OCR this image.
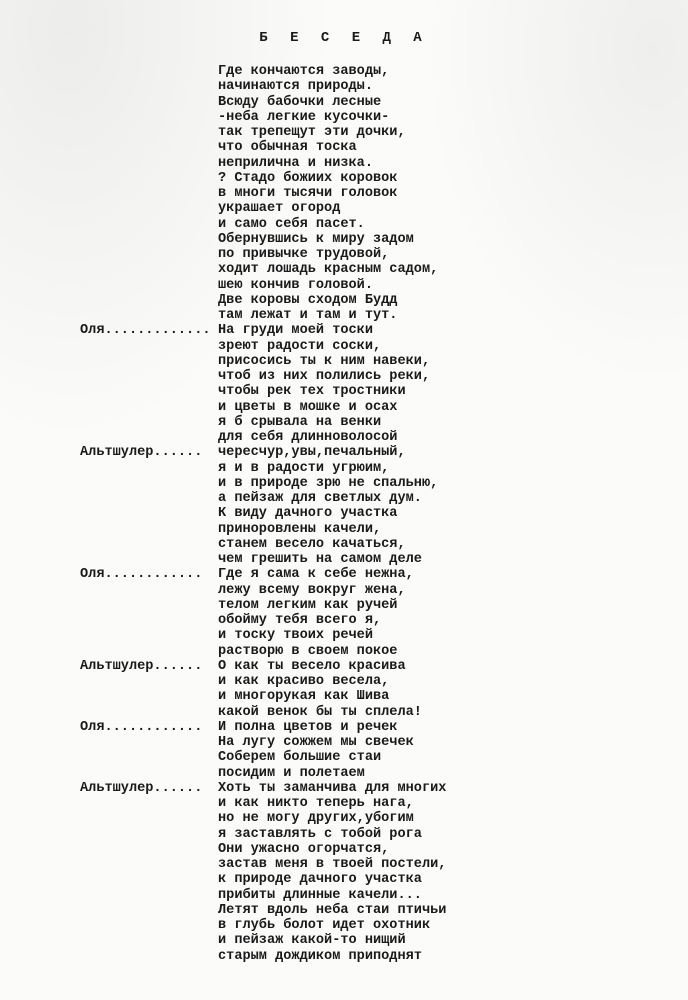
Б Е С Е Д А
Где кончаются заводы,
начинаются природы.
Всюду бабочки лесные
-неба легкие кусочки-
так трепещут эти дочки,
что обычная тоска
неприлична и низка.
? Стадо божиих коровок
в многи тысячи головок
украшает огород
и само себя пасет.
Обернувшись к миру задом
по привычке трудовой,
ходит лошадь красным садом,
шею кончив головой.
Две коровы сходом Будд
там лежат и там и тут.
На груди моей тоски
зреют радости соски,
присосись ты к ним навеки,
чтоб из них полились реки,
чтобы рек тех тростники
и цветы в мошке и осах
я б срывала на венки
для себя длинноволосой
чересчур,увы,печальный,
я и в радости угрюим,
и в природе зрю не спальню,
а пейзаж для светлых дум.
К виду дачного участка
приноровлены качели,
станем весело качаться,
чем грешить на самом деле
Где я сама к себе нежна,
лежу всему вокруг жена,
телом легким как ручей
обойму тебя всего я,
и тоску твоих речей
растворю в своем покое
О как ты весело красива
и как красиво весела,
и многорукая как Шива
какой венок бы ты сплела!
И полна цветов и речек
На лугу сожжем мы свечек
Соберем большие стаи
посидим и полетаем
Хоть ты заманчива для многих
и как никто теперь нага,
но не могу других,убогим
я заставлять с тобой рога
Они ужасно огорчатся,
застав меня в твоей постели,
к природе дачного участка
прибиты длинные качели...
Летят вдоль неба стаи птичьи
в глубь болот идет охотник
и пейзаж какой-то нищий
старым дождиком приподнят
Оля.............
Альтшулер......
Оля............
Альтшулер......
Оля............
Альтшулер......
